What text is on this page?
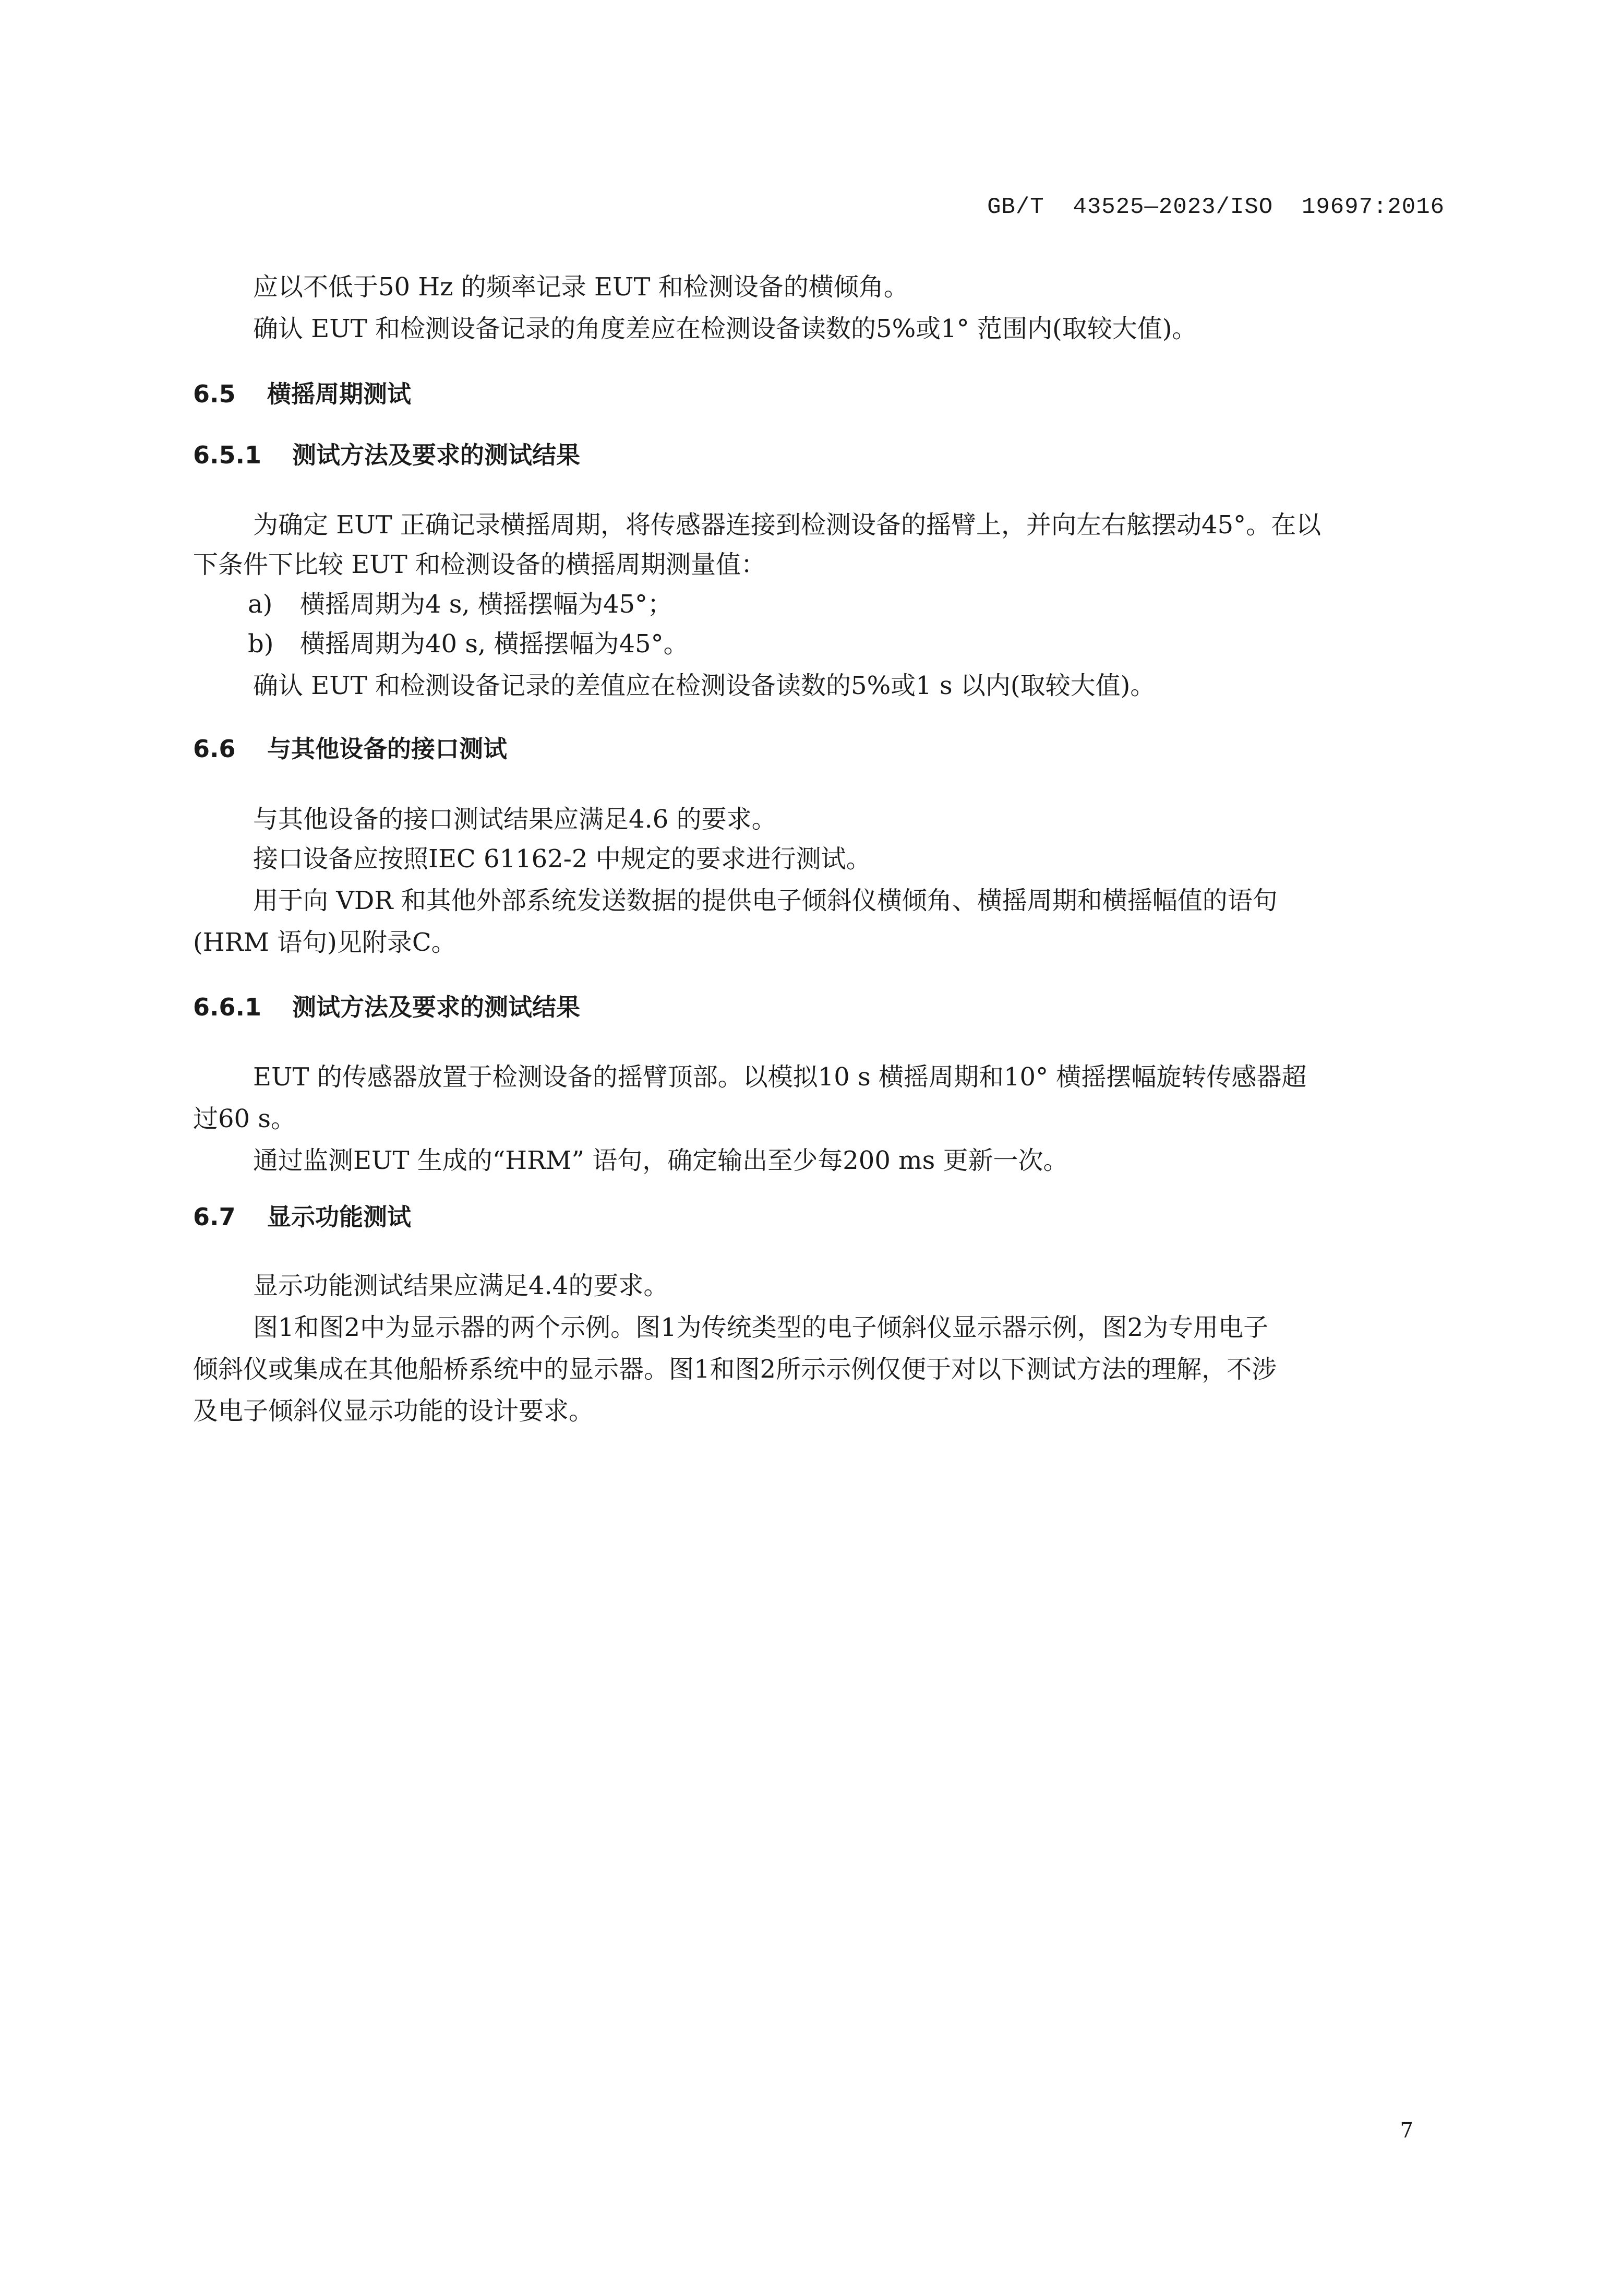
GB/T  43525—2023/ISO  19697:2016
应以不低于50 Hz 的频率记录 EUT 和检测设备的横倾角。
确认 EUT 和检测设备记录的角度差应在检测设备读数的5%或1° 范围内(取较大值)。
6.5 横摇周期测试
6.5.1 测试方法及要求的测试结果
为确定 EUT 正确记录横摇周期，将传感器连接到检测设备的摇臂上，并向左右舷摆动45°。在以
下条件下比较 EUT 和检测设备的横摇周期测量值：
a) 横摇周期为4 s, 横摇摆幅为45°；
b) 横摇周期为40 s, 横摇摆幅为45°。
确认 EUT 和检测设备记录的差值应在检测设备读数的5%或1 s 以内(取较大值)。
6.6 与其他设备的接口测试
与其他设备的接口测试结果应满足4.6 的要求。
接口设备应按照IEC 61162-2 中规定的要求进行测试。
用于向 VDR 和其他外部系统发送数据的提供电子倾斜仪横倾角、横摇周期和横摇幅值的语句
(HRM 语句)见附录C。
6.6.1 测试方法及要求的测试结果
EUT 的传感器放置于检测设备的摇臂顶部。以模拟10 s 横摇周期和10° 横摇摆幅旋转传感器超
过60 s。
通过监测EUT 生成的“HRM” 语句，确定输出至少每200 ms 更新一次。
6.7 显示功能测试
显示功能测试结果应满足4.4的要求。
图1和图2中为显示器的两个示例。图1为传统类型的电子倾斜仪显示器示例，图2为专用电子
倾斜仪或集成在其他船桥系统中的显示器。图1和图2所示示例仅便于对以下测试方法的理解，不涉
及电子倾斜仪显示功能的设计要求。
7
